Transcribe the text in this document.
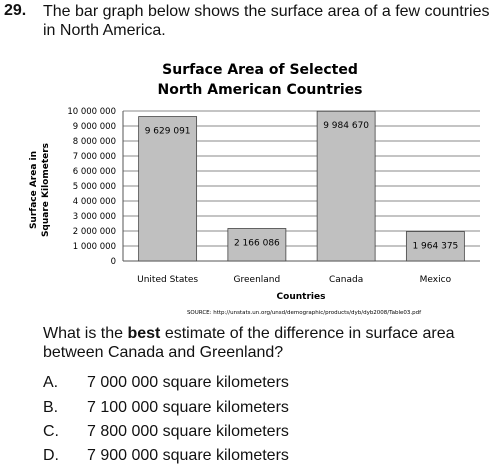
29. The bar graph below shows the surface area of a few countries in North America.
Surface Area of Selected
North American Countries
Surface Area in Square Kilometers
0
1 000 000
2 000 000
3 000 000
4 000 000
5 000 000
6 000 000
7 000 000
8 000 000
9 000 000
10 000 000
9 629 091
2 166 086
9 984 670
1 964 375
United States	Greenland	Canada	Mexico
Countries
SOURCE: http://unstats.un.org/unsd/demographic/products/dyb/dyb2008/Table03.pdf
What is the best estimate of the difference in surface area between Canada and Greenland?
A. 7 000 000 square kilometers
B. 7 100 000 square kilometers
C. 7 800 000 square kilometers
D. 7 900 000 square kilometers
